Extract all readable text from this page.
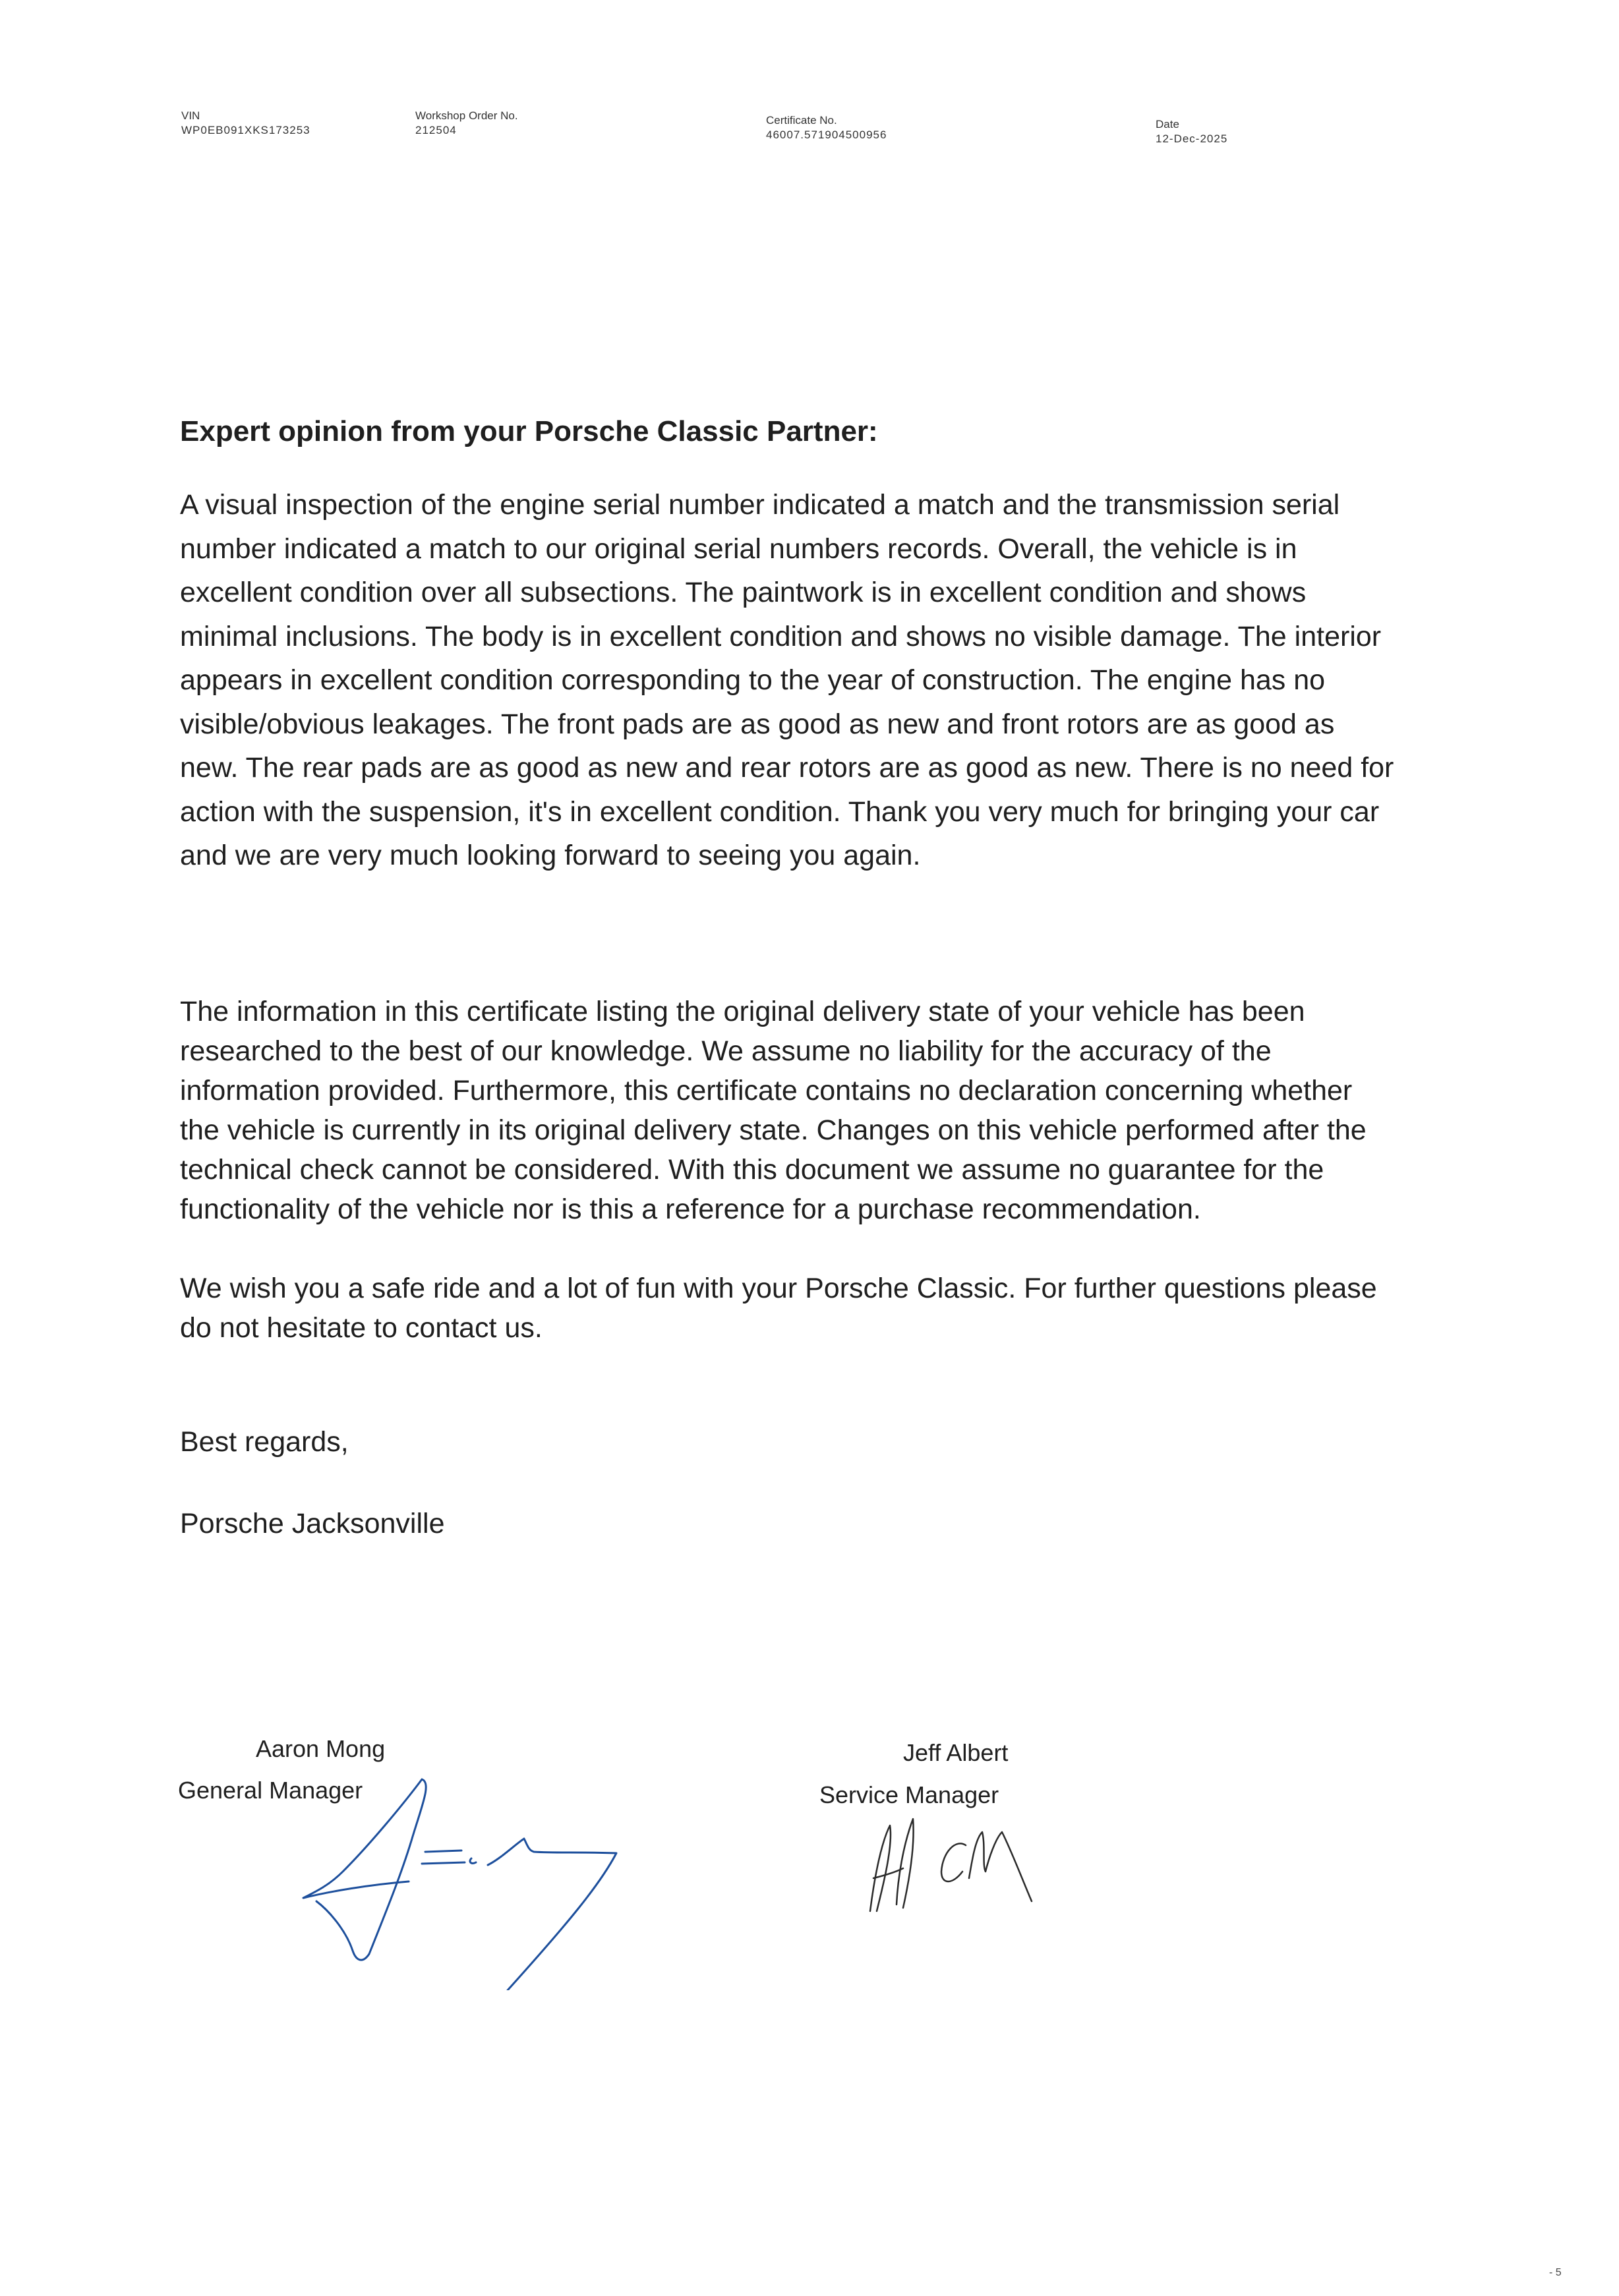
VIN
WP0EB091XKS173253
Workshop Order No.
212504
Certificate No.
46007.571904500956
Date
12-Dec-2025
Expert opinion from your Porsche Classic Partner:

A visual inspection of the engine serial number indicated a match and the transmission serial
number indicated a match to our original serial numbers records. Overall, the vehicle is in
excellent condition over all subsections. The paintwork is in excellent condition and shows
minimal inclusions. The body is in excellent condition and shows no visible damage. The interior
appears in excellent condition corresponding to the year of construction. The engine has no
visible/obvious leakages. The front pads are as good as new and front rotors are as good as
new. The rear pads are as good as new and rear rotors are as good as new. There is no need for
action with the suspension, it's in excellent condition. Thank you very much for bringing your car
and we are very much looking forward to seeing you again.

The information in this certificate listing the original delivery state of your vehicle has been
researched to the best of our knowledge. We assume no liability for the accuracy of the
information provided. Furthermore, this certificate contains no declaration concerning whether
the vehicle is currently in its original delivery state. Changes on this vehicle performed after the
technical check cannot be considered. With this document we assume no guarantee for the
functionality of the vehicle nor is this a reference for a purchase recommendation.

We wish you a safe ride and a lot of fun with your Porsche Classic. For further questions please
do not hesitate to contact us.

Best regards,
Porsche Jacksonville
Aaron Mong
General Manager
Jeff Albert
Service Manager
- 5
